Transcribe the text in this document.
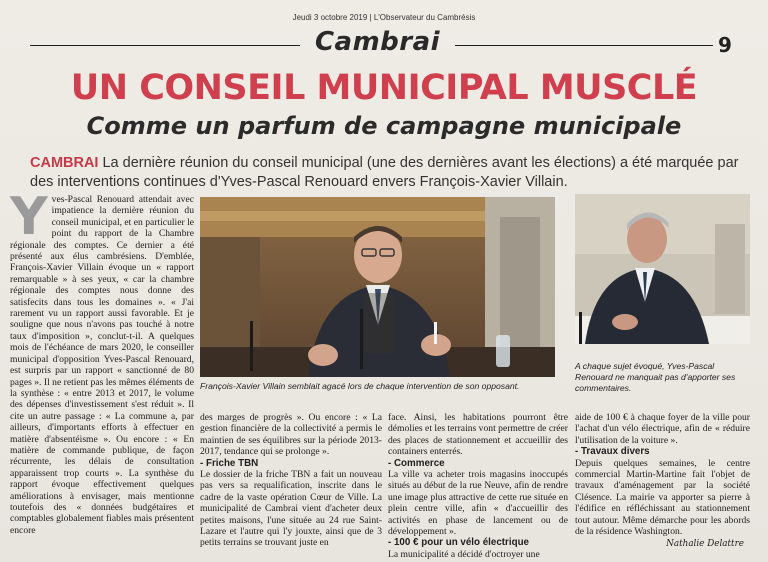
Jeudi 3 octobre 2019 | L'Observateur du Cambrésis
Cambrai	9
UN CONSEIL MUNICIPAL MUSCLÉ
Comme un parfum de campagne municipale
CAMBRAI La dernière réunion du conseil municipal (une des dernières avant les élections) a été marquée par des interventions continues d'Yves-Pascal Renouard envers François-Xavier Villain.
Y ves-Pascal Renouard attendait avec impatience la dernière réunion du conseil municipal, et en particulier le point du rapport de la Chambre régionale des comptes. Ce dernier a été présenté aux élus cambrésiens. D'emblée, François-Xavier Villain évoque un « rapport remarquable » à ses yeux, « car la chambre régionale des comptes nous donne des satisfecits dans tous les domaines ». « J'ai rarement vu un rapport aussi favorable. Et je souligne que nous n'avons pas touché à notre taux d'imposition », conclut-t-il. A quelques mois de l'échéance de mars 2020, le conseiller municipal d'opposition Yves-Pascal Renouard, est surpris par un rapport « sanctionné de 80 pages ». Il ne retient pas les mêmes éléments de la synthèse : « entre 2013 et 2017, le volume des dépenses d'investissement s'est réduit ». Il cite un autre passage : « La commune a, par ailleurs, d'importants efforts à effectuer en matière d'absentéisme ». Ou encore : « En matière de commande publique, de façon récurrente, les délais de consultation apparaissent trop courts ». La synthèse du rapport évoque effectivement quelques améliorations à envisager, mais mentionne toutefois des « données budgétaires et comptables globalement fiables mais présentent encore

François-Xavier Villain semblait agacé lors de chaque intervention de son opposant.
A chaque sujet évoqué, Yves-Pascal Renouard ne manquait pas d'apporter ses commentaires.

des marges de progrès ». Ou encore : « La gestion financière de la collectivité a permis le maintien de ses équilibres sur la période 2013-2017, tendance qui se prolonge ».

- Friche TBN

Le dossier de la friche TBN a fait un nouveau pas vers sa requalification, inscrite dans le cadre de la vaste opération Cœur de Ville. La municipalité de Cambrai vient d'acheter deux petites maisons, l'une située au 24 rue Saint-Lazare et l'autre qui l'y jouxte, ainsi que de 3 petits terrains se trouvant juste en

face. Ainsi, les habitations pourront être démolies et les terrains vont permettre de créer des places de stationnement et accueillir des containers enterrés.

- Commerce

La ville va acheter trois magasins inoccupés situés au début de la rue Neuve, afin de rendre une image plus attractive de cette rue située en plein centre ville, afin « d'accueillir des activités en phase de lancement ou de développement ».

- 100 € pour un vélo électrique

La municipalité a décidé d'octroyer une

aide de 100 € à chaque foyer de la ville pour l'achat d'un vélo électrique, afin de « réduire l'utilisation de la voiture ».

- Travaux divers

Depuis quelques semaines, le centre commercial Martin-Martine fait l'objet de travaux d'aménagement par la société Clésence. La mairie va apporter sa pierre à l'édifice en réfléchissant au stationnement tout autour. Même démarche pour les abords de la résidence Washington.

Nathalie Delattre
